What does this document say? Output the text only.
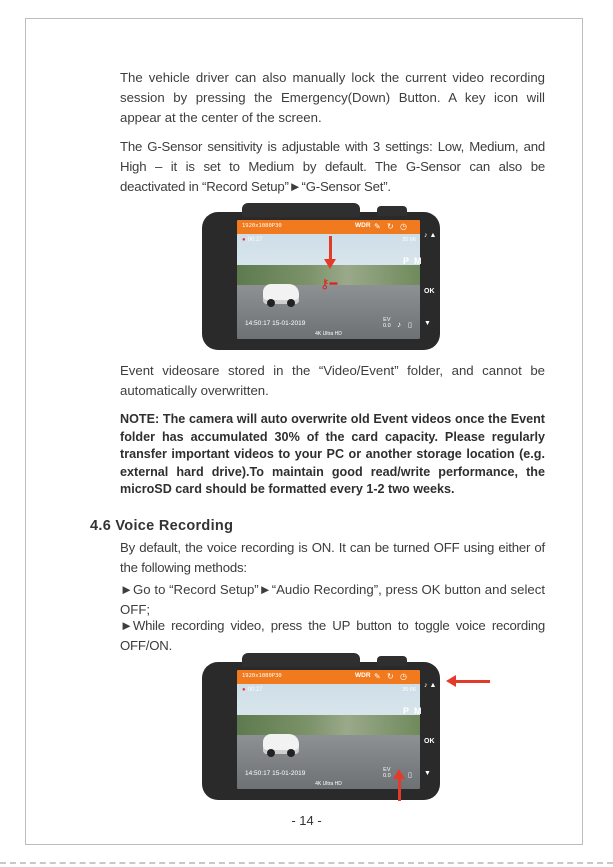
The vehicle driver can also manually lock the current video recording session by pressing the Emergency(Down) Button. A key icon will appear at the center of the screen.

The G-Sensor sensitivity is adjustable with 3 settings: Low, Medium, and High – it is set to Medium by default. The G-Sensor can also be deactivated in “Record Setup”►“G-Sensor Set”.

1920x1080P30	WDR ✎ ↻ ◷
● 00:27	35:06
⚷━
14:50:17 15-01-2019	EV
0.0 ♪ ▯
4K Ultra HD
PM
♪ ▲
OK
▼

Event videosare stored in the “Video/Event” folder, and cannot be automatically overwritten.

NOTE: The camera will auto overwrite old Event videos once the Event folder has accumulated 30% of the card capacity. Please regularly transfer important videos to your PC or another storage location (e.g. external hard drive).To maintain good read/write performance, the microSD card should be formatted every 1-2 two weeks.

4.6 Voice Recording

By default, the voice recording is ON. It can be turned OFF using either of the following methods:

►Go to “Record Setup”►“Audio Recording”, press OK button and select OFF;

►While recording video, press the UP button to toggle voice recording OFF/ON.

1920x1080P30	WDR ✎ ↻ ◷
● 00:27	35:06
14:50:17 15-01-2019	EV
0.0 ▯
4K Ultra HD
PM
♪ ▲
OK
▼
- 14 -
